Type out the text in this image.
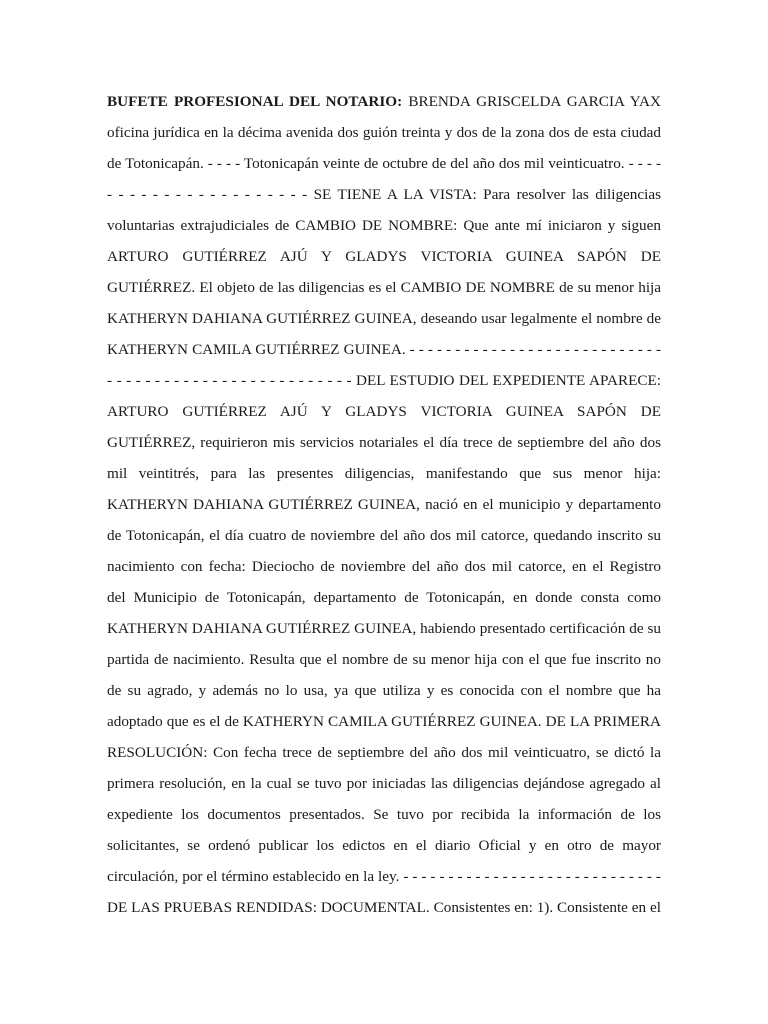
BUFETE PROFESIONAL DEL NOTARIO: BRENDA GRISCELDA GARCIA YAX
oficina jurídica en la décima avenida dos guión treinta y dos de la zona dos de esta ciudad
de Totonicapán. - - - - Totonicapán veinte de octubre de del año dos mil veinticuatro. - - - -
- - - - - - - - - - - - - - - - - - SE TIENE A LA VISTA: Para resolver las diligencias
voluntarias extrajudiciales de CAMBIO DE NOMBRE: Que ante mí iniciaron y siguen
ARTURO GUTIÉRREZ AJÚ Y GLADYS VICTORIA GUINEA SAPÓN DE
GUTIÉRREZ. El objeto de las diligencias es el CAMBIO DE NOMBRE de su menor hija
KATHERYN DAHIANA GUTIÉRREZ GUINEA, deseando usar legalmente el nombre de
KATHERYN CAMILA GUTIÉRREZ GUINEA. - - - - - - - - - - - - - - - - - - - - - - - - - - - -
- - - - - - - - - - - - - - - - - - - - - - - - - - DEL ESTUDIO DEL EXPEDIENTE APARECE:
ARTURO GUTIÉRREZ AJÚ Y GLADYS VICTORIA GUINEA SAPÓN DE
GUTIÉRREZ, requirieron mis servicios notariales el día trece de septiembre del año dos
mil veintitrés, para las presentes diligencias, manifestando que sus menor hija:
KATHERYN DAHIANA GUTIÉRREZ GUINEA, nació en el municipio y departamento
de Totonicapán, el día cuatro de noviembre del año dos mil catorce, quedando inscrito su
nacimiento con fecha: Dieciocho de noviembre del año dos mil catorce, en el Registro
del Municipio de Totonicapán, departamento de Totonicapán, en donde consta como
KATHERYN DAHIANA GUTIÉRREZ GUINEA, habiendo presentado certificación de su
partida de nacimiento. Resulta que el nombre de su menor hija con el que fue inscrito no
de su agrado, y además no lo usa, ya que utiliza y es conocida con el nombre que ha
adoptado que es el de KATHERYN CAMILA GUTIÉRREZ GUINEA. DE LA PRIMERA
RESOLUCIÓN: Con fecha trece de septiembre del año dos mil veinticuatro, se dictó la
primera resolución, en la cual se tuvo por iniciadas las diligencias dejándose agregado al
expediente los documentos presentados. Se tuvo por recibida la información de los
solicitantes, se ordenó publicar los edictos en el diario Oficial y en otro de mayor
circulación, por el término establecido en la ley. - - - - - - - - - - - - - - - - - - - - - - - - - - - - -
DE LAS PRUEBAS RENDIDAS: DOCUMENTAL. Consistentes en: 1). Consistente en el
